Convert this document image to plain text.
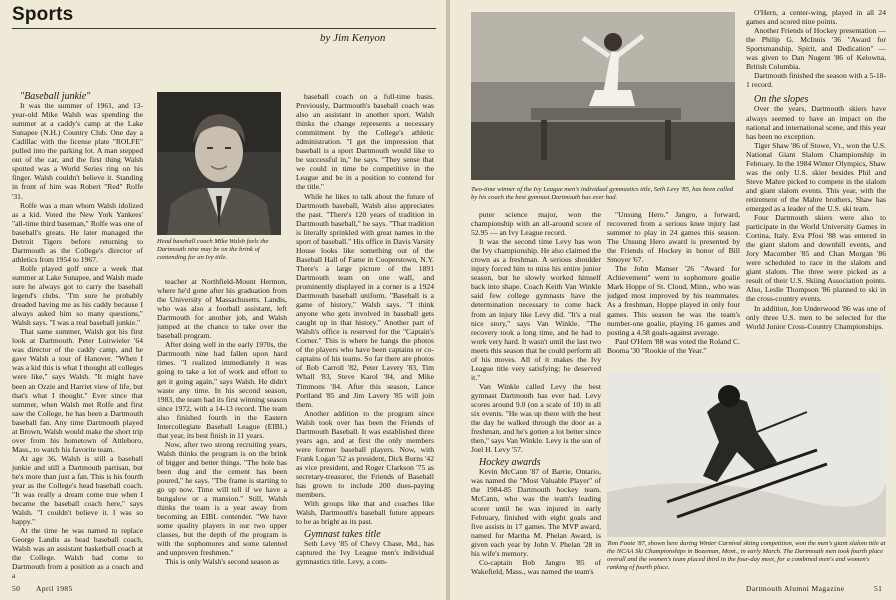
Sports
by Jim Kenyon

"Baseball junkie"

It was the summer of 1961, and 13-year-old Mike Walsh was spending the summer at a caddy's camp at the Lake Sunapee (N.H.) Country Club. One day a Cadillac with the license plate "ROLFE" pulled into the parking lot. A man stepped out of the car, and the first thing Walsh spotted was a World Series ring on his finger. Walsh couldn't believe it. Standing in front of him was Robert "Red" Rolfe '31.

Rolfe was a man whom Walsh idolized as a kid. Voted the New York Yankees' "all-time third baseman," Rolfe was one of baseball's greats. He later managed the Detroit Tigers before returning to Dartmouth as the College's director of athletics from 1954 to 1967.

Rolfe played golf once a week that summer at Lake Sunapee, and Walsh made sure he always got to carry the baseball legend's clubs. "I'm sure he probably dreaded having me as his caddy because I always asked him so many questions," Walsh says. "I was a real baseball junkie."

That same summer, Walsh got his first look at Dartmouth. Peter Luitwieler '64 was director of the caddy camp, and he gave Walsh a tour of Hanover. "When I was a kid this is what I thought all colleges were like," says Walsh. "It might have been an Ozzie and Harriet view of life, but that's what I thought." Ever since that summer, when Walsh met Rolfe and first saw the College, he has been a Dartmouth baseball fan. Any time Dartmouth played at Brown, Walsh would make the short trip over from his hometown of Attleboro, Mass., to watch his favorite team.

At age 36, Walsh is still a baseball junkie and still a Dartmouth partisan, but he's more than just a fan. This is his fourth year as the College's head baseball coach. "It was really a dream come true when I became the baseball coach here," says Walsh. "I couldn't believe it. I was so happy."

At the time he was named to replace George Landis as head baseball coach, Walsh was an assistant basketball coach at the College. Walsh had come to Dartmouth from a position as a coach and a

Head baseball coach Mike Walsh feels the Dartmouth nine may be on the brink of contending for an Ivy title.

teacher at Northfield-Mount Hermon, where he'd gone after his graduation from the University of Massachusetts. Landis, who was also a football assistant, left Dartmouth for another job, and Walsh jumped at the chance to take over the baseball program.

After doing well in the early 1970s, the Dartmouth nine had fallen upon hard times. "I realized immediately it was going to take a lot of work and effort to get it going again," says Walsh. He didn't waste any time. In his second season, 1983, the team had its first winning season since 1972, with a 14-13 record. The team also finished fourth in the Eastern Intercollegiate Baseball League (EIBL) that year, its best finish in 11 years.

Now, after two strong recruiting years, Walsh thinks the program is on the brink of bigger and better things. "The hole has been dug and the cement has been poured," he says. "The frame is starting to go up now. Time will tell if we have a bungalow or a mansion." Still, Walsh thinks the team is a year away from becoming an EIBL contender. "We have some quality players in our two upper classes, but the depth of the program is with the sophomores and some talented and unproven freshmen."

This is only Walsh's second season as

baseball coach on a full-time basis. Previously, Dartmouth's baseball coach was also an assistant in another sport. Walsh thinks the change represents a necessary commitment by the College's athletic administration. "I get the impression that baseball is a sport Dartmouth would like to be successful in," he says. "They sense that we could in time be competitive in the League and be in a position to contend for the title."

While he likes to talk about the future of Dartmouth baseball, Walsh also appreciates the past. "There's 120 years of tradition in Dartmouth baseball," he says. "That tradition is literally sprinkled with great names in the sport of baseball." His office in Davis Varsity House looks like something out of the Baseball Hall of Fame in Cooperstown, N.Y. There's a large picture of the 1891 Dartmouth team on one wall, and prominently displayed in a corner is a 1924 Dartmouth baseball uniform. "Baseball is a game of history," Walsh says. "I think anyone who gets involved in baseball gets caught up in that history." Another part of Walsh's office is reserved for the "Captain's Corner." This is where he hangs the photos of the players who have been captains or co-captains of his teams. So far there are photos of Rob Carroll '82, Peter Lavery '83, Tim Whall '83, Steve Karol '84, and Mike Timmons '84. After this season, Lance Portland '85 and Jim Lavery '85 will join them.

Another addition to the program since Walsh took over has been the Friends of Dartmouth Baseball. It was established three years ago, and at first the only members were former baseball players. Now, with Frank Logan '52 as president, Dick Burns '42 as vice president, and Roger Clarkson '75 as secretary-treasurer, the Friends of Baseball has grown to include 200 dues-paying members.

With groups like that and coaches like Walsh, Dartmouth's baseball future appears to be as bright as its past.

Gymnast takes title

Seth Levy '85 of Chevy Chase, Md., has captured the Ivy League men's individual gymnastics title. Levy, a com-

50 April 1985
Two-time winner of the Ivy League men's individual gymnastics title, Seth Levy '85, has been called by his coach the best gymnast Dartmouth has ever had.

puter science major, won the championship with an all-around score of 52.95 — an Ivy League record.

It was the second time Levy has won the Ivy championship. He also claimed the crown as a freshman. A serious shoulder injury forced him to miss his entire junior season, but he slowly worked himself back into shape. Coach Keith Van Winkle said few college gymnasts have the determination necessary to come back from an injury like Levy did. "It's a real nice story," says Van Winkle. "The recovery took a long time, and he had to work very hard. It wasn't until the last two meets this season that he could perform all of his moves. All of it makes the Ivy League title very satisfying; he deserved it."

Van Winkle called Levy the best gymnast Dartmouth has ever had. Levy scores around 9.0 (on a scale of 10) in all six events. "He was up there with the best the day he walked through the door as a freshman, and he's gotten a lot better since then," says Van Winkle. Levy is the son of Joel H. Levy '57.

Hockey awards

Kevin McCann '87 of Barrie, Ontario, was named the "Most Valuable Player" of the 1984-85 Dartmouth hockey team. McCann, who was the team's leading scorer until he was injured in early February, finished with eight goals and five assists in 17 games. The MVP award, named for Martha M. Phelan Award, is given each year by John V. Phelan '28 in his wife's memory.

Co-captain Bob Jangro '85 of Wakefield, Mass., was named the team's

"Unsung Hero." Jangro, a forward, recovered from a serious knee injury last summer to play in 24 games this season. The Unsung Hero award is presented by the Friends of Hockey in honor of Bill Smoyer '67.

The John Manser '26 "Award for Achievement" went to sophomore goalie Mark Hoppe of St. Cloud, Minn., who was judged most improved by his teammates. As a freshman, Hoppe played in only four games. This season he was the team's number-one goalie, playing 16 games and posting a 4.58 goals-against average.

Paul O'Hern '88 was voted the Roland C. Booma '30 "Rookie of the Year."

O'Hern, a center-wing, played in all 24 games and scored nine points.

Another Friends of Hockey presentation — the Philip G. McInnis '36 "Award for Sportsmanship, Spirit, and Dedication" — was given to Dan Nugent '86 of Kelowna, British Columbia.

Dartmouth finished the season with a 5-18-1 record.

On the slopes

Over the years, Dartmouth skiers have always seemed to have an impact on the national and international scene, and this year has been no exception.

Tiger Shaw '86 of Stowe, Vt., won the U.S. National Giant Slalom Championship in February. In the 1984 Winter Olympics, Shaw was the only U.S. skier besides Phil and Steve Mahre picked to compete in the slalom and giant slalom events. This year, with the retirement of the Mahre brothers, Shaw has emerged as a leader of the U.S. ski team.

Four Dartmouth skiers were also to participate in the World University Games in Cortina, Italy. Eva Pfosi '88 was entered in the giant slalom and downhill events, and Jory Macomber '85 and Chan Morgan '86 were scheduled to race in the slalom and giant slalom. The three were picked as a result of their U.S. Skiing Association points. Also, Leslie Thompson '86 planned to ski in the cross-country events.

In addition, Jon Underwood '86 was one of only three U.S. men to be selected for the World Junior Cross-Country Championships.

Tom Foote '87, shown here during Winter Carnival skiing competition, won the men's giant slalom title at the NCAA Ski Championships in Bozeman, Mont., in early March. The Dartmouth men took fourth place overall and the women's team placed third in the four-day meet, for a combined men's and women's ranking of fourth place.
Dartmouth Alumni Magazine	51
